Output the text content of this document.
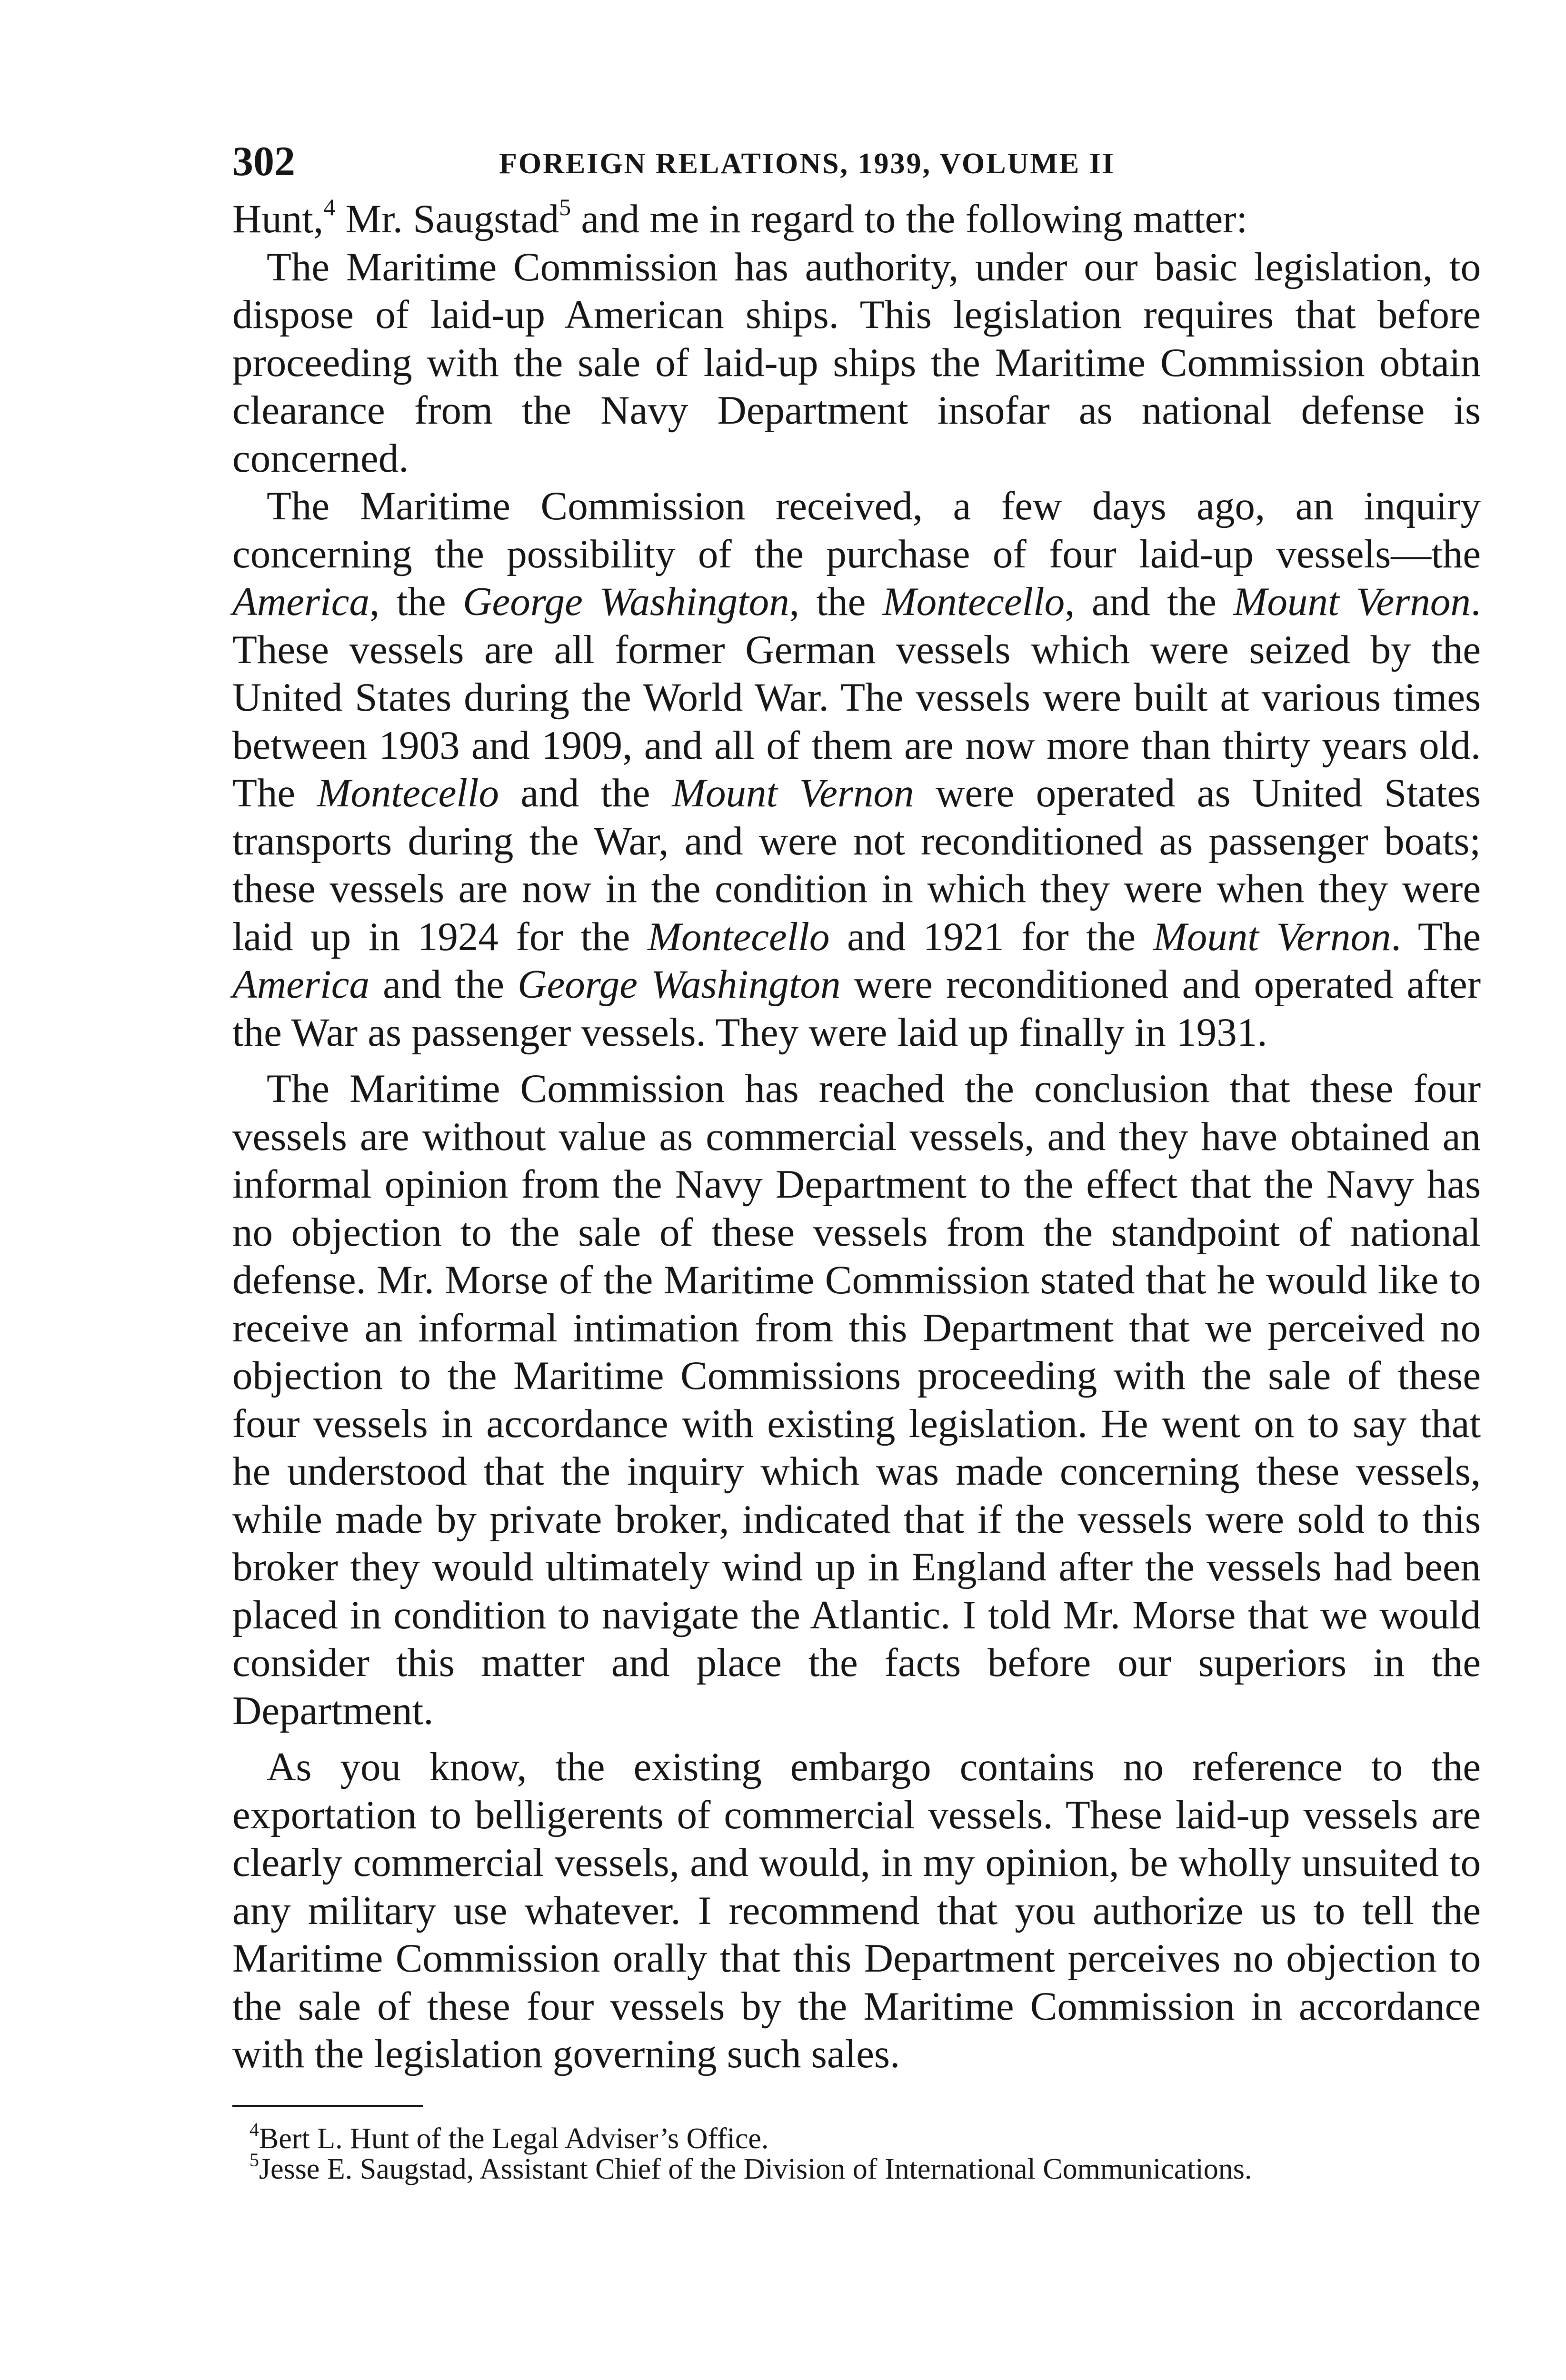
302	FOREIGN RELATIONS, 1939, VOLUME II

Hunt,$^4$ Mr. Saugstad$^5$ and me in regard to the following matter:

The Maritime Commission has authority, under our basic legislation, to dispose of laid-up American ships. This legislation requires that before proceeding with the sale of laid-up ships the Maritime Commission obtain clearance from the Navy Department insofar as national defense is concerned.

The Maritime Commission received, a few days ago, an inquiry concerning the possibility of the purchase of four laid-up vessels—the America, the George Washington, the Montecello, and the Mount Vernon. These vessels are all former German vessels which were seized by the United States during the World War. The vessels were built at various times between 1903 and 1909, and all of them are now more than thirty years old. The Montecello and the Mount Vernon were operated as United States transports during the War, and were not reconditioned as passenger boats; these vessels are now in the condition in which they were when they were laid up in 1924 for the Montecello and 1921 for the Mount Vernon. The America and the George Washington were reconditioned and operated after the War as passenger vessels. They were laid up finally in 1931.

The Maritime Commission has reached the conclusion that these four vessels are without value as commercial vessels, and they have obtained an informal opinion from the Navy Department to the effect that the Navy has no objection to the sale of these vessels from the standpoint of national defense. Mr. Morse of the Maritime Commission stated that he would like to receive an informal intimation from this Department that we perceived no objection to the Maritime Commissions proceeding with the sale of these four vessels in accordance with existing legislation. He went on to say that he understood that the inquiry which was made concerning these vessels, while made by private broker, indicated that if the vessels were sold to this broker they would ultimately wind up in England after the vessels had been placed in condition to navigate the Atlantic. I told Mr. Morse that we would consider this matter and place the facts before our superiors in the Department.

As you know, the existing embargo contains no reference to the exportation to belligerents of commercial vessels. These laid-up vessels are clearly commercial vessels, and would, in my opinion, be wholly unsuited to any military use whatever. I recommend that you authorize us to tell the Maritime Commission orally that this Department perceives no objection to the sale of these four vessels by the Maritime Commission in accordance with the legislation governing such sales.

$^4$Bert L. Hunt of the Legal Adviser’s Office.

$^5$Jesse E. Saugstad, Assistant Chief of the Division of International Communications.
